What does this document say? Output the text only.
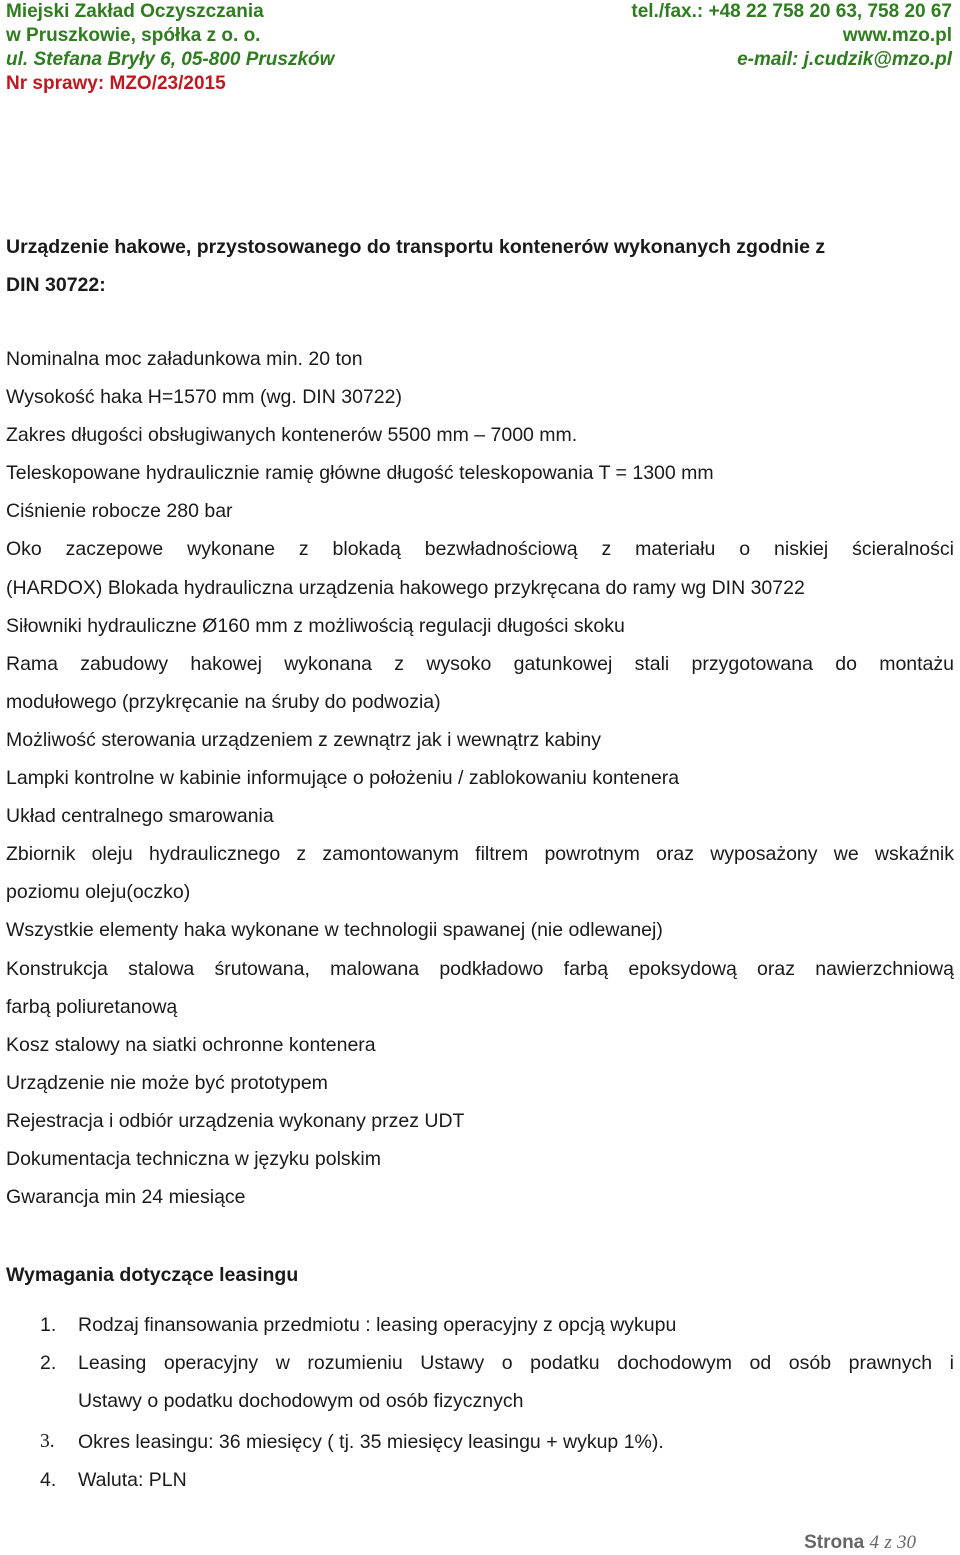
Miejski Zakład Oczyszczania	tel./fax.: +48 22 758 20 63, 758 20 67
w Pruszkowie, spółka z o. o.	www.mzo.pl
ul. Stefana Bryły 6, 05-800 Pruszków	e-mail: j.cudzik@mzo.pl
Nr sprawy: MZO/23/2015
Urządzenie hakowe, przystosowanego do transportu kontenerów wykonanych zgodnie z
DIN 30722:
Nominalna moc załadunkowa min. 20 ton
Wysokość haka H=1570 mm (wg. DIN 30722)
Zakres długości obsługiwanych kontenerów 5500 mm – 7000 mm.
Teleskopowane hydraulicznie ramię główne długość teleskopowania T = 1300 mm
Ciśnienie robocze 280 bar
Oko zaczepowe wykonane z blokadą bezwładnościową z materiału o niskiej ścieralności
(HARDOX) Blokada hydrauliczna urządzenia hakowego przykręcana do ramy wg DIN 30722
Siłowniki hydrauliczne Ø160 mm z możliwością regulacji długości skoku
Rama zabudowy hakowej wykonana z wysoko gatunkowej stali przygotowana do montażu
modułowego (przykręcanie na śruby do podwozia)
Możliwość sterowania urządzeniem z zewnątrz jak i wewnątrz kabiny
Lampki kontrolne w kabinie informujące o położeniu / zablokowaniu kontenera
Układ centralnego smarowania
Zbiornik oleju hydraulicznego z zamontowanym filtrem powrotnym oraz wyposażony we wskaźnik
poziomu oleju(oczko)
Wszystkie elementy haka wykonane w technologii spawanej (nie odlewanej)
Konstrukcja stalowa śrutowana, malowana podkładowo farbą epoksydową oraz nawierzchniową
farbą poliuretanową
Kosz stalowy na siatki ochronne kontenera
Urządzenie nie może być prototypem
Rejestracja i odbiór urządzenia wykonany przez UDT
Dokumentacja techniczna w języku polskim
Gwarancja min 24 miesiące
Wymagania dotyczące leasingu
1.	Rodzaj finansowania przedmiotu : leasing operacyjny z opcją wykupu
2.	Leasing operacyjny w rozumieniu Ustawy o podatku dochodowym od osób prawnych i
Ustawy o podatku dochodowym od osób fizycznych
3.	Okres leasingu: 36 miesięcy ( tj. 35 miesięcy leasingu + wykup 1%).
4.	Waluta: PLN
Strona 4 z 30
